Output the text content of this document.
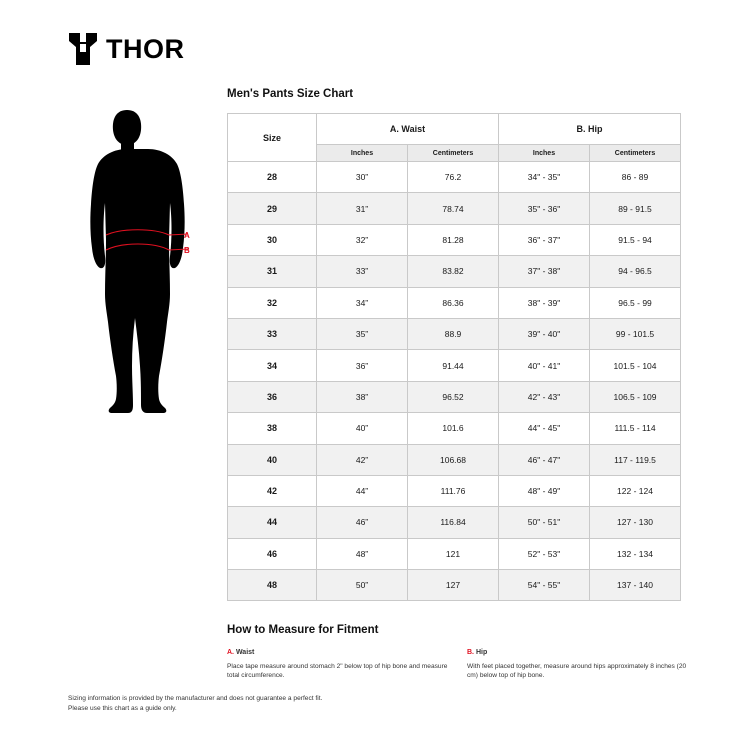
THOR
A
B
Men's Pants Size Chart
Size	A. Waist		B. Hip	
	Inches	Centimeters	Inches	Centimeters
28	30”	76.2	34" - 35"	86 - 89
29	31”	78.74	35" - 36"	89 - 91.5
30	32”	81.28	36" - 37"	91.5 - 94
31	33”	83.82	37" - 38"	94 - 96.5
32	34”	86.36	38" - 39"	96.5 - 99
33	35”	88.9	39" - 40"	99 - 101.5
34	36”	91.44	40" - 41"	101.5 - 104
36	38”	96.52	42" - 43"	106.5 - 109
38	40”	101.6	44" - 45"	111.5 - 114
40	42”	106.68	46" - 47"	117 - 119.5
42	44”	111.76	48" - 49"	122 - 124
44	46”	116.84	50" - 51"	127 - 130
46	48”	121	52" - 53"	132 - 134
48	50”	127	54" - 55"	137 - 140
How to Measure for Fitment
A. Waist
Place tape measure around stomach 2" below top of hip bone and measure total circumference.
B. Hip
With feet placed together, measure around hips approximately 8 inches (20 cm) below top of hip bone.
Sizing information is provided by the manufacturer and does not guarantee a perfect fit. Please use this chart as a guide only.
